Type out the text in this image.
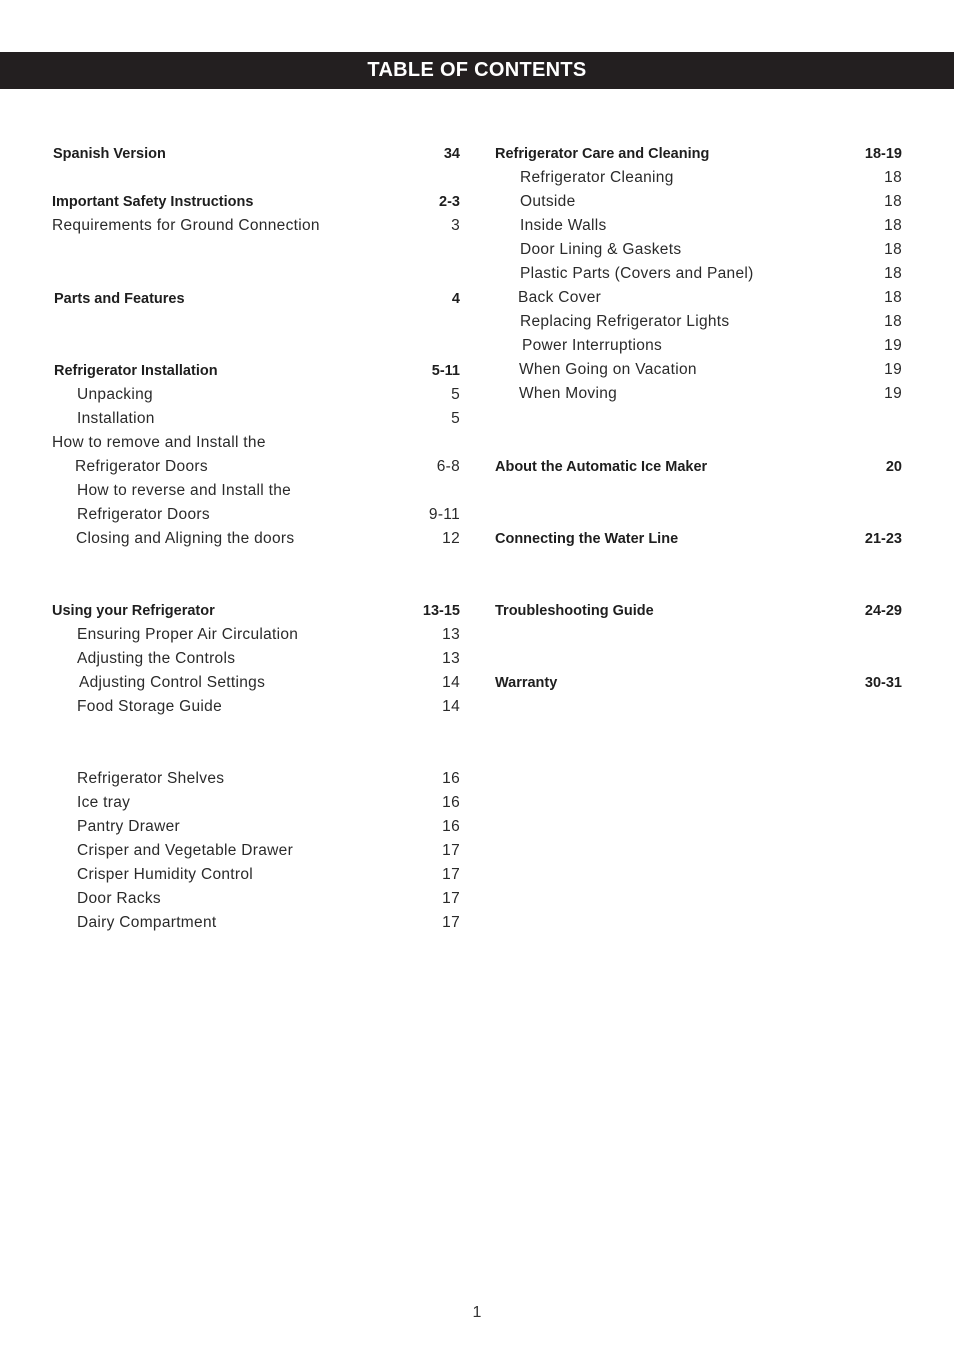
TABLE OF CONTENTS
Spanish Version	34
Important Safety Instructions	2-3
Requirements for Ground Connection	3
Parts and Features	4
Refrigerator Installation	5-11
Unpacking	5
Installation	5
How to remove and Install the
Refrigerator Doors	6-8
How to reverse and Install the
Refrigerator Doors	9-11
Closing and Aligning the doors	12
Using your Refrigerator	13-15
Ensuring Proper Air Circulation	13
Adjusting the Controls	13
Adjusting Control Settings	14
Food Storage Guide	14
Refrigerator Shelves	16
Ice tray	16
Pantry Drawer	16
Crisper and Vegetable Drawer	17
Crisper Humidity Control	17
Door Racks	17
Dairy Compartment	17
Refrigerator Care and Cleaning	18-19
Refrigerator Cleaning	18
Outside	18
Inside Walls	18
Door Lining & Gaskets	18
Plastic Parts (Covers and Panel)	18
Back Cover	18
Replacing Refrigerator Lights	18
Power Interruptions	19
When Going on Vacation	19
When Moving	19
About the Automatic Ice Maker	20
Connecting the Water Line	21-23
Troubleshooting Guide	24-29
Warranty	30-31
1
